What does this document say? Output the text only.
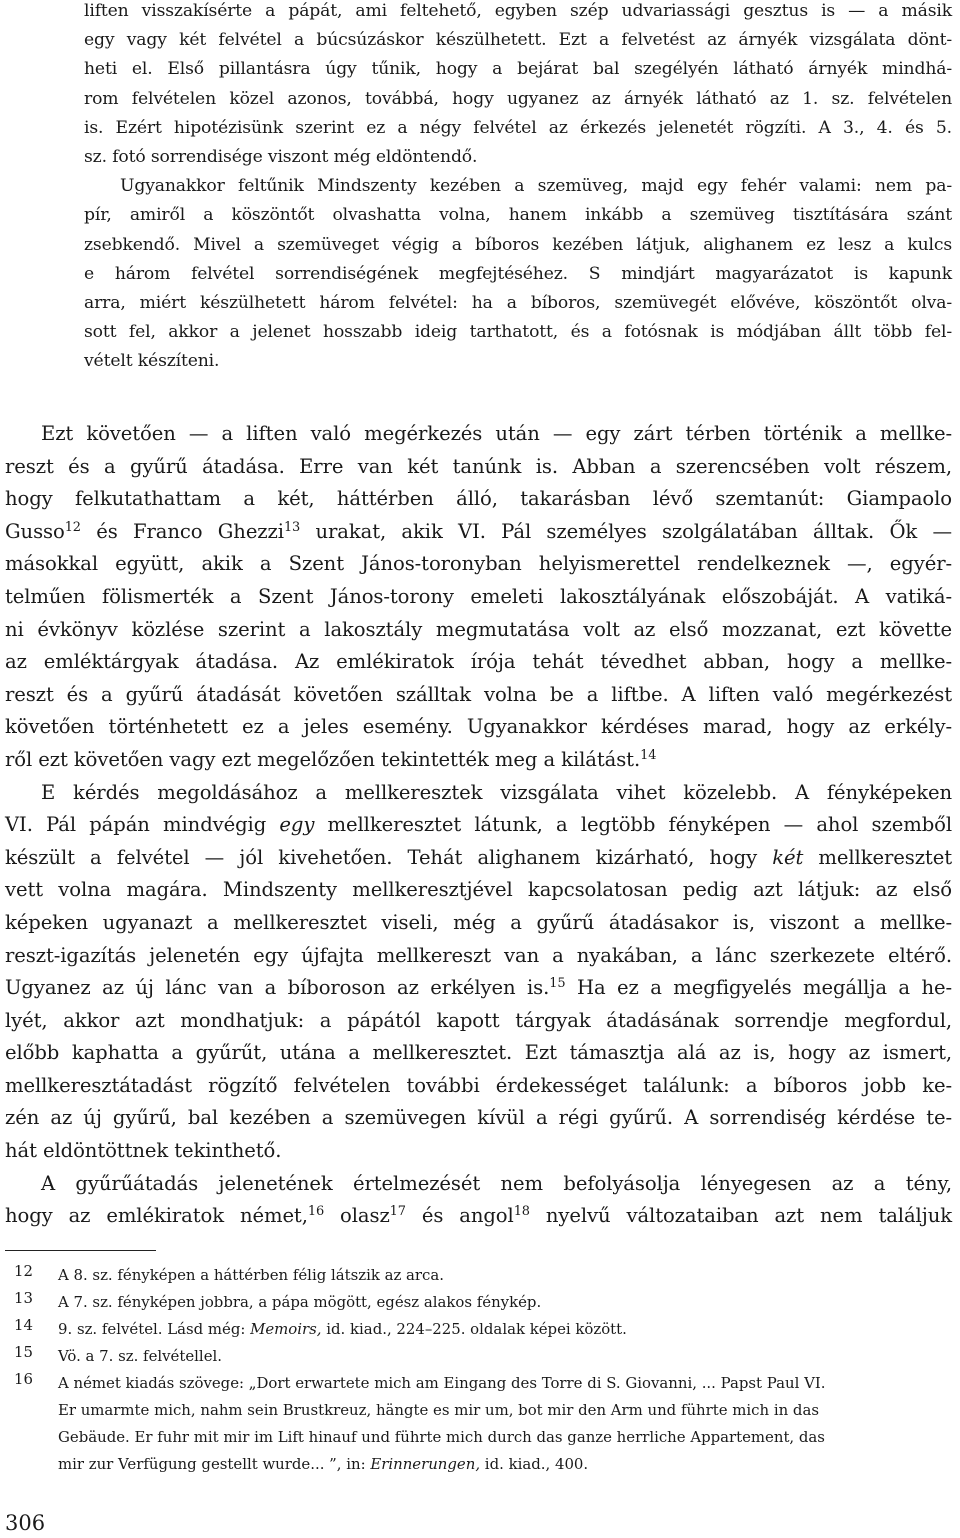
liften visszakísérte a pápát, ami feltehető, egyben szép udvariassági gesztus is — a másik
egy vagy két felvétel a búcsúzáskor készülhetett. Ezt a felvetést az árnyék vizsgálata dönt-
heti el. Első pillantásra úgy tűnik, hogy a bejárat bal szegélyén látható árnyék mindhá-
rom felvételen közel azonos, továbbá, hogy ugyanez az árnyék látható az 1. sz. felvételen
is. Ezért hipotézisünk szerint ez a négy felvétel az érkezés jelenetét rögzíti. A 3., 4. és 5.
sz. fotó sorrendisége viszont még eldöntendő.
Ugyanakkor feltűnik Mindszenty kezében a szemüveg, majd egy fehér valami: nem pa-
pír, amiről a köszöntőt olvashatta volna, hanem inkább a szemüveg tisztítására szánt
zsebkendő. Mivel a szemüveget végig a bíboros kezében látjuk, alighanem ez lesz a kulcs
e három felvétel sorrendiségének megfejtéséhez. S mindjárt magyarázatot is kapunk
arra, miért készülhetett három felvétel: ha a bíboros, szemüvegét elővéve, köszöntőt olva-
sott fel, akkor a jelenet hosszabb ideig tarthatott, és a fotósnak is módjában állt több fel-
vételt készíteni.
Ezt követően — a liften való megérkezés után — egy zárt térben történik a mellke-
reszt és a gyűrű átadása. Erre van két tanúnk is. Abban a szerencsében volt részem,
hogy felkutathattam a két, háttérben álló, takarásban lévő szemtanút: Giampaolo
Gusso$^{12}$ és Franco Ghezzi$^{13}$ urakat, akik VI. Pál személyes szolgálatában álltak. Ők —
másokkal együtt, akik a Szent János-toronyban helyismerettel rendelkeznek —, egyér-
telműen fölismerték a Szent János-torony emeleti lakosztályának előszobáját. A vatiká-
ni évkönyv közlése szerint a lakosztály megmutatása volt az első mozzanat, ezt követte
az emléktárgyak átadása. Az emlékiratok írója tehát tévedhet abban, hogy a mellke-
reszt és a gyűrű átadását követően szálltak volna be a liftbe. A liften való megérkezést
követően történhetett ez a jeles esemény. Ugyanakkor kérdéses marad, hogy az erkély-
ről ezt követően vagy ezt megelőzően tekintették meg a kilátást.$^{14}$
E kérdés megoldásához a mellkeresztek vizsgálata vihet közelebb. A fényképeken
VI. Pál pápán mindvégig egy mellkeresztet látunk, a legtöbb fényképen — ahol szemből
készült a felvétel — jól kivehetően. Tehát alighanem kizárható, hogy két mellkeresztet
vett volna magára. Mindszenty mellkeresztjével kapcsolatosan pedig azt látjuk: az első
képeken ugyanazt a mellkeresztet viseli, még a gyűrű átadásakor is, viszont a mellke-
reszt-igazítás jelenetén egy újfajta mellkereszt van a nyakában, a lánc szerkezete eltérő.
Ugyanez az új lánc van a bíboroson az erkélyen is.$^{15}$ Ha ez a megfigyelés megállja a he-
lyét, akkor azt mondhatjuk: a pápától kapott tárgyak átadásának sorrendje megfordul,
előbb kaphatta a gyűrűt, utána a mellkeresztet. Ezt támasztja alá az is, hogy az ismert,
mellkeresztátadást rögzítő felvételen további érdekességet találunk: a bíboros jobb ke-
zén az új gyűrű, bal kezében a szemüvegen kívül a régi gyűrű. A sorrendiség kérdése te-
hát eldöntöttnek tekinthető.
A gyűrűátadás jelenetének értelmezését nem befolyásolja lényegesen az a tény,
hogy az emlékiratok német,$^{16}$ olasz$^{17}$ és angol$^{18}$ nyelvű változataiban azt nem találjuk
12	A 8. sz. fényképen a háttérben félig látszik az arca.
13	A 7. sz. fényképen jobbra, a pápa mögött, egész alakos fénykép.
14	9. sz. felvétel. Lásd még: Memoirs, id. kiad., 224–225. oldalak képei között.
15	Vö. a 7. sz. felvétellel.
16	A német kiadás szövege: „Dort erwartete mich am Eingang des Torre di S. Giovanni, ... Papst Paul VI.
Er umarmte mich, nahm sein Brustkreuz, hängte es mir um, bot mir den Arm und führte mich in das
Gebäude. Er fuhr mit mir im Lift hinauf und führte mich durch das ganze herrliche Appartement, das
mir zur Verfügung gestellt wurde... ”, in: Erinnerungen, id. kiad., 400.
306
